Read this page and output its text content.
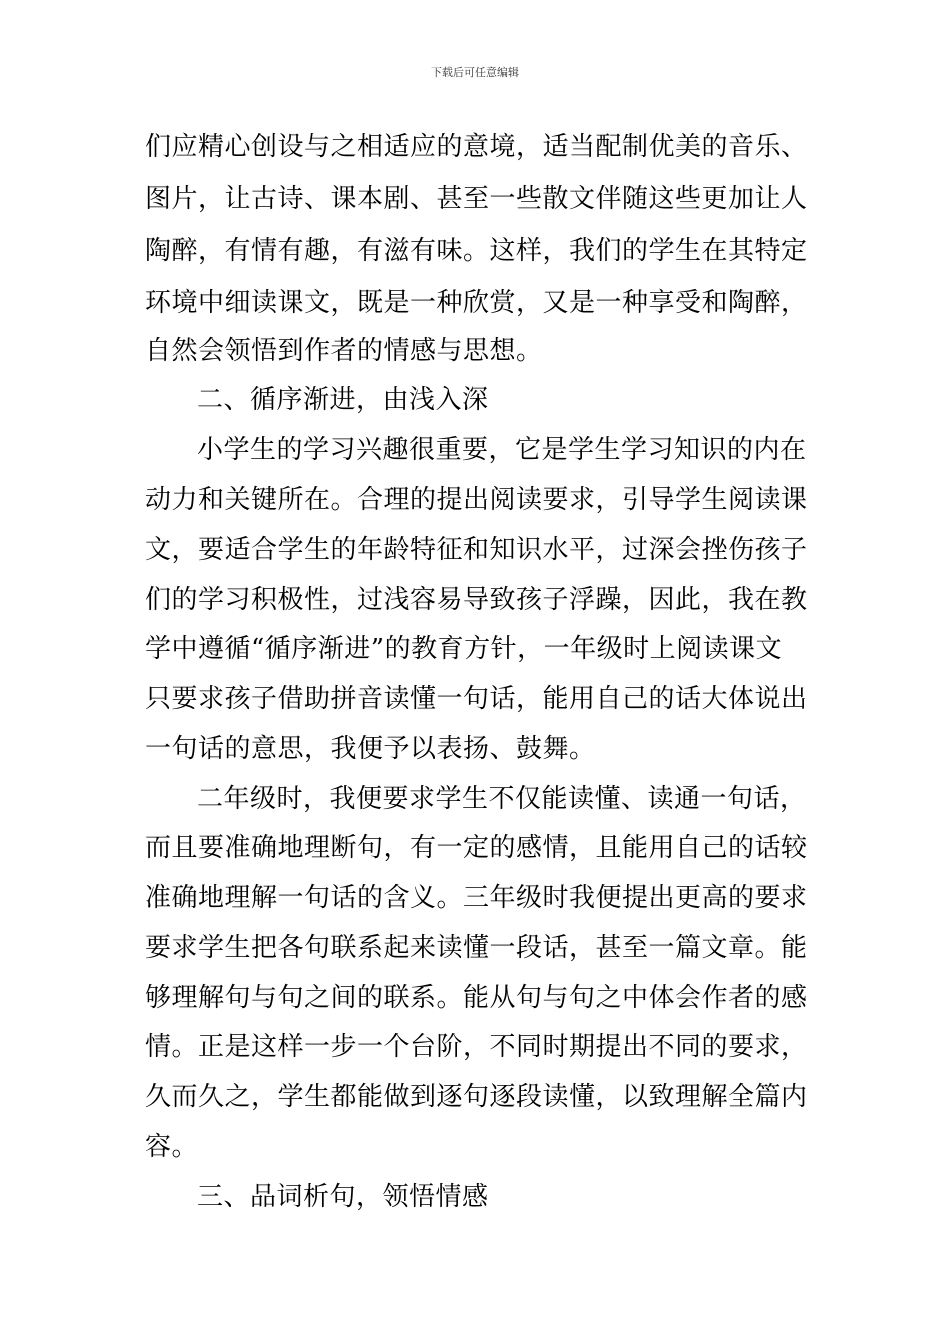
下载后可任意编辑
们应精心创设与之相适应的意境，适当配制优美的音乐、
图片，让古诗、课本剧、甚至一些散文伴随这些更加让人
陶醉，有情有趣，有滋有味。这样，我们的学生在其特定
环境中细读课文，既是一种欣赏，又是一种享受和陶醉，
自然会领悟到作者的情感与思想。
二、循序渐进，由浅入深
小学生的学习兴趣很重要，它是学生学习知识的内在
动力和关键所在。合理的提出阅读要求，引导学生阅读课
文，要适合学生的年龄特征和知识水平，过深会挫伤孩子
们的学习积极性，过浅容易导致孩子浮躁，因此，我在教
学中遵循“循序渐进”的教育方针，一年级时上阅读课文
只要求孩子借助拼音读懂一句话，能用自己的话大体说出
一句话的意思，我便予以表扬、鼓舞。
二年级时，我便要求学生不仅能读懂、读通一句话，
而且要准确地理断句，有一定的感情，且能用自己的话较
准确地理解一句话的含义。三年级时我便提出更高的要求
要求学生把各句联系起来读懂一段话，甚至一篇文章。能
够理解句与句之间的联系。能从句与句之中体会作者的感
情。正是这样一步一个台阶，不同时期提出不同的要求，
久而久之，学生都能做到逐句逐段读懂，以致理解全篇内
容。
三、品词析句，领悟情感
